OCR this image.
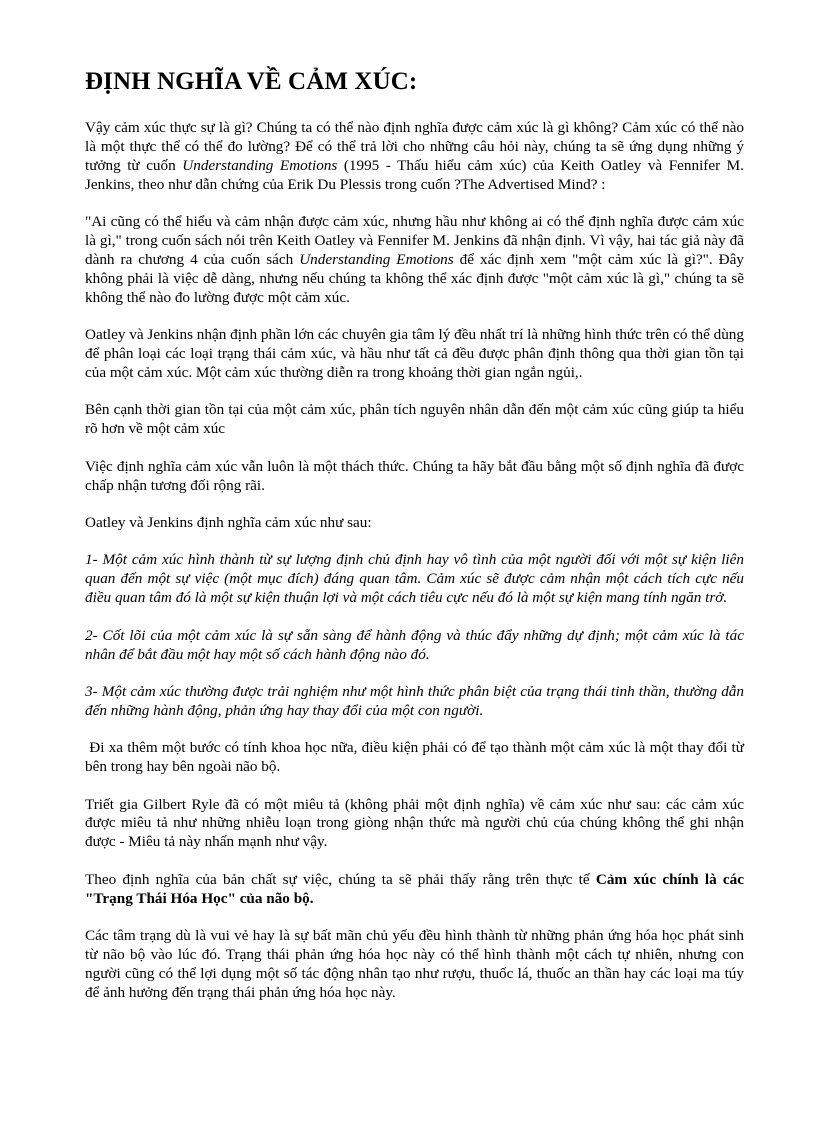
ĐỊNH NGHĨA VỀ CẢM XÚC:

Vậy cảm xúc thực sự là gì? Chúng ta có thể nào định nghĩa được cảm xúc là gì không? Cảm xúc có thể nào là một thực thể có thể đo lường? Để có thể trả lời cho những câu hỏi này, chúng ta sẽ ứng dụng những ý tưởng từ cuốn Understanding Emotions (1995 - Thấu hiểu cảm xúc) của Keith Oatley và Fennifer M. Jenkins, theo như dẫn chứng của Erik Du Plessis trong cuốn ?The Advertised Mind? :

"Ai cũng có thể hiểu và cảm nhận được cảm xúc, nhưng hầu như không ai có thể định nghĩa được cảm xúc là gì," trong cuốn sách nói trên Keith Oatley và Fennifer M. Jenkins đã nhận định. Vì vậy, hai tác giả này đã dành ra chương 4 của cuốn sách Understanding Emotions để xác định xem "một cảm xúc là gì?". Đây không phải là việc dễ dàng, nhưng nếu chúng ta không thể xác định được "một cảm xúc là gì," chúng ta sẽ không thể nào đo lường được một cảm xúc.

Oatley và Jenkins nhận định phần lớn các chuyên gia tâm lý đều nhất trí là những hình thức trên có thể dùng để phân loại các loại trạng thái cảm xúc, và hầu như tất cả đều được phân định thông qua thời gian tồn tại của một cảm xúc. Một cảm xúc thường diễn ra trong khoảng thời gian ngắn ngủi,.

Bên cạnh thời gian tồn tại của một cảm xúc, phân tích nguyên nhân dẫn đến một cảm xúc cũng giúp ta hiểu rõ hơn về một cảm xúc

Việc định nghĩa cảm xúc vẫn luôn là một thách thức. Chúng ta hãy bắt đầu bằng một số định nghĩa đã được chấp nhận tương đối rộng rãi.

Oatley và Jenkins định nghĩa cảm xúc như sau:

1- Một cảm xúc hình thành từ sự lượng định chủ định hay vô tình của một người đối với một sự kiện liên quan đến một sự việc (một mục đích) đáng quan tâm. Cảm xúc sẽ được cảm nhận một cách tích cực nếu điều quan tâm đó là một sự kiện thuận lợi và một cách tiêu cực nếu đó là một sự kiện mang tính ngăn trở.

2- Cốt lõi của một cảm xúc là sự sẵn sàng để hành động và thúc đẩy những dự định; một cảm xúc là tác nhân để bắt đầu một hay một số cách hành động nào đó.

3- Một cảm xúc thường được trải nghiệm như một hình thức phân biệt của trạng thái tinh thần, thường dẫn đến những hành động, phản ứng hay thay đổi của một con người.

Đi xa thêm một bước có tính khoa học nữa, điều kiện phải có để tạo thành một cảm xúc là một thay đổi từ bên trong hay bên ngoài não bộ.

Triết gia Gilbert Ryle đã có một miêu tả (không phải một định nghĩa) về cảm xúc như sau: các cảm xúc được miêu tả như những nhiễu loạn trong giòng nhận thức mà người chủ của chúng không thể ghi nhận được - Miêu tả này nhấn mạnh như vậy.

Theo định nghĩa của bản chất sự việc, chúng ta sẽ phải thấy rằng trên thực tế Cảm xúc chính là các "Trạng Thái Hóa Học" của não bộ.

Các tâm trạng dù là vui vẻ hay là sự bất mãn chủ yếu đều hình thành từ những phản ứng hóa học phát sinh từ não bộ vào lúc đó. Trạng thái phản ứng hóa học này có thể hình thành một cách tự nhiên, nhưng con người cũng có thể lợi dụng một số tác động nhân tạo như rượu, thuốc lá, thuốc an thần hay các loại ma túy để ảnh hưởng đến trạng thái phản ứng hóa học này.
